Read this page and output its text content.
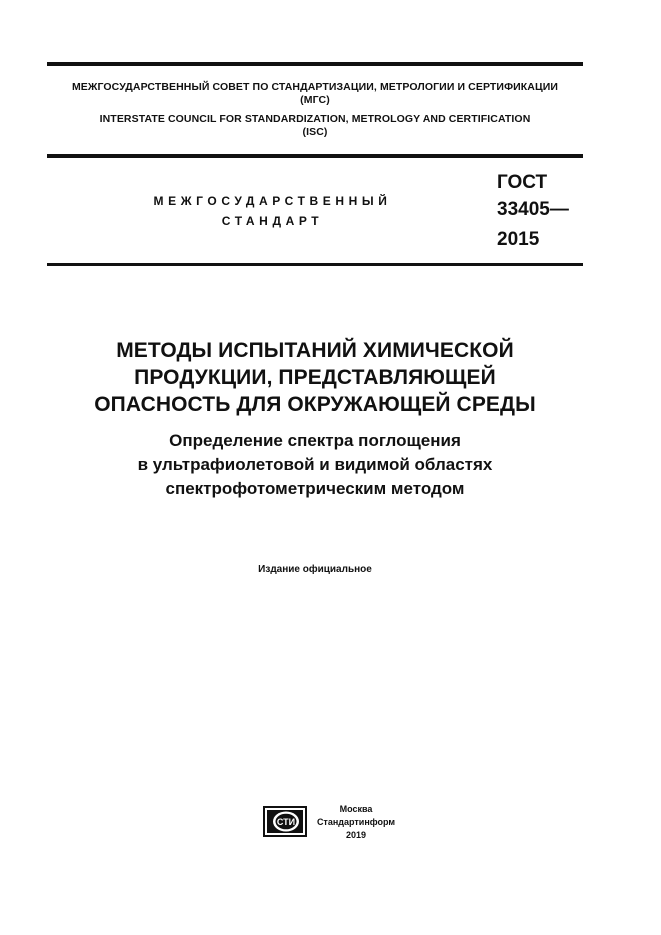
МЕЖГОСУДАРСТВЕННЫЙ СОВЕТ ПО СТАНДАРТИЗАЦИИ, МЕТРОЛОГИИ И СЕРТИФИКАЦИИ
(МГС)
INTERSTATE COUNCIL FOR STANDARDIZATION, METROLOGY AND CERTIFICATION
(ISC)
МЕЖГОСУДАРСТВЕННЫЙ
СТАНДАРТ
ГОСТ
33405—
2015
МЕТОДЫ ИСПЫТАНИЙ ХИМИЧЕСКОЙ
ПРОДУКЦИИ, ПРЕДСТАВЛЯЮЩЕЙ
ОПАСНОСТЬ ДЛЯ ОКРУЖАЮЩЕЙ СРЕДЫ
Определение спектра поглощения
в ультрафиолетовой и видимой областях
спектрофотометрическим методом
Издание официальное
СТИ
Москва
Стандартинформ
2019
